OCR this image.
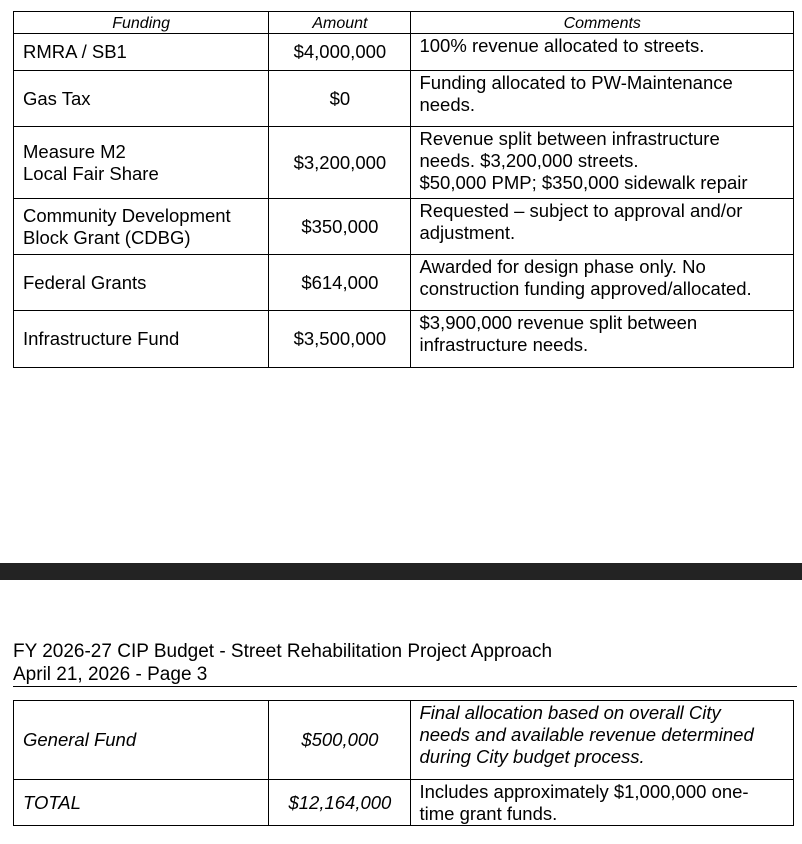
Funding	Amount	Comments

RMRA / SB1	$4,000,000	100% revenue allocated to streets.

Gas Tax	$0	Funding allocated to PW-Maintenance
needs.

Measure M2
Local Fair Share	$3,200,000	Revenue split between infrastructure
needs. $3,200,000 streets.
$50,000 PMP; $350,000 sidewalk repair

Community Development
Block Grant (CDBG)	$350,000	Requested – subject to approval and/or
adjustment.

Federal Grants	$614,000	Awarded for design phase only. No
construction funding approved/allocated.

Infrastructure Fund	$3,500,000	$3,900,000 revenue split between
infrastructure needs.
FY 2026-27 CIP Budget - Street Rehabilitation Project Approach
April 21, 2026 - Page 3
General Fund	$500,000	Final allocation based on overall City
needs and available revenue determined
during City budget process.

TOTAL	$12,164,000	Includes approximately $1,000,000 one-
time grant funds.
